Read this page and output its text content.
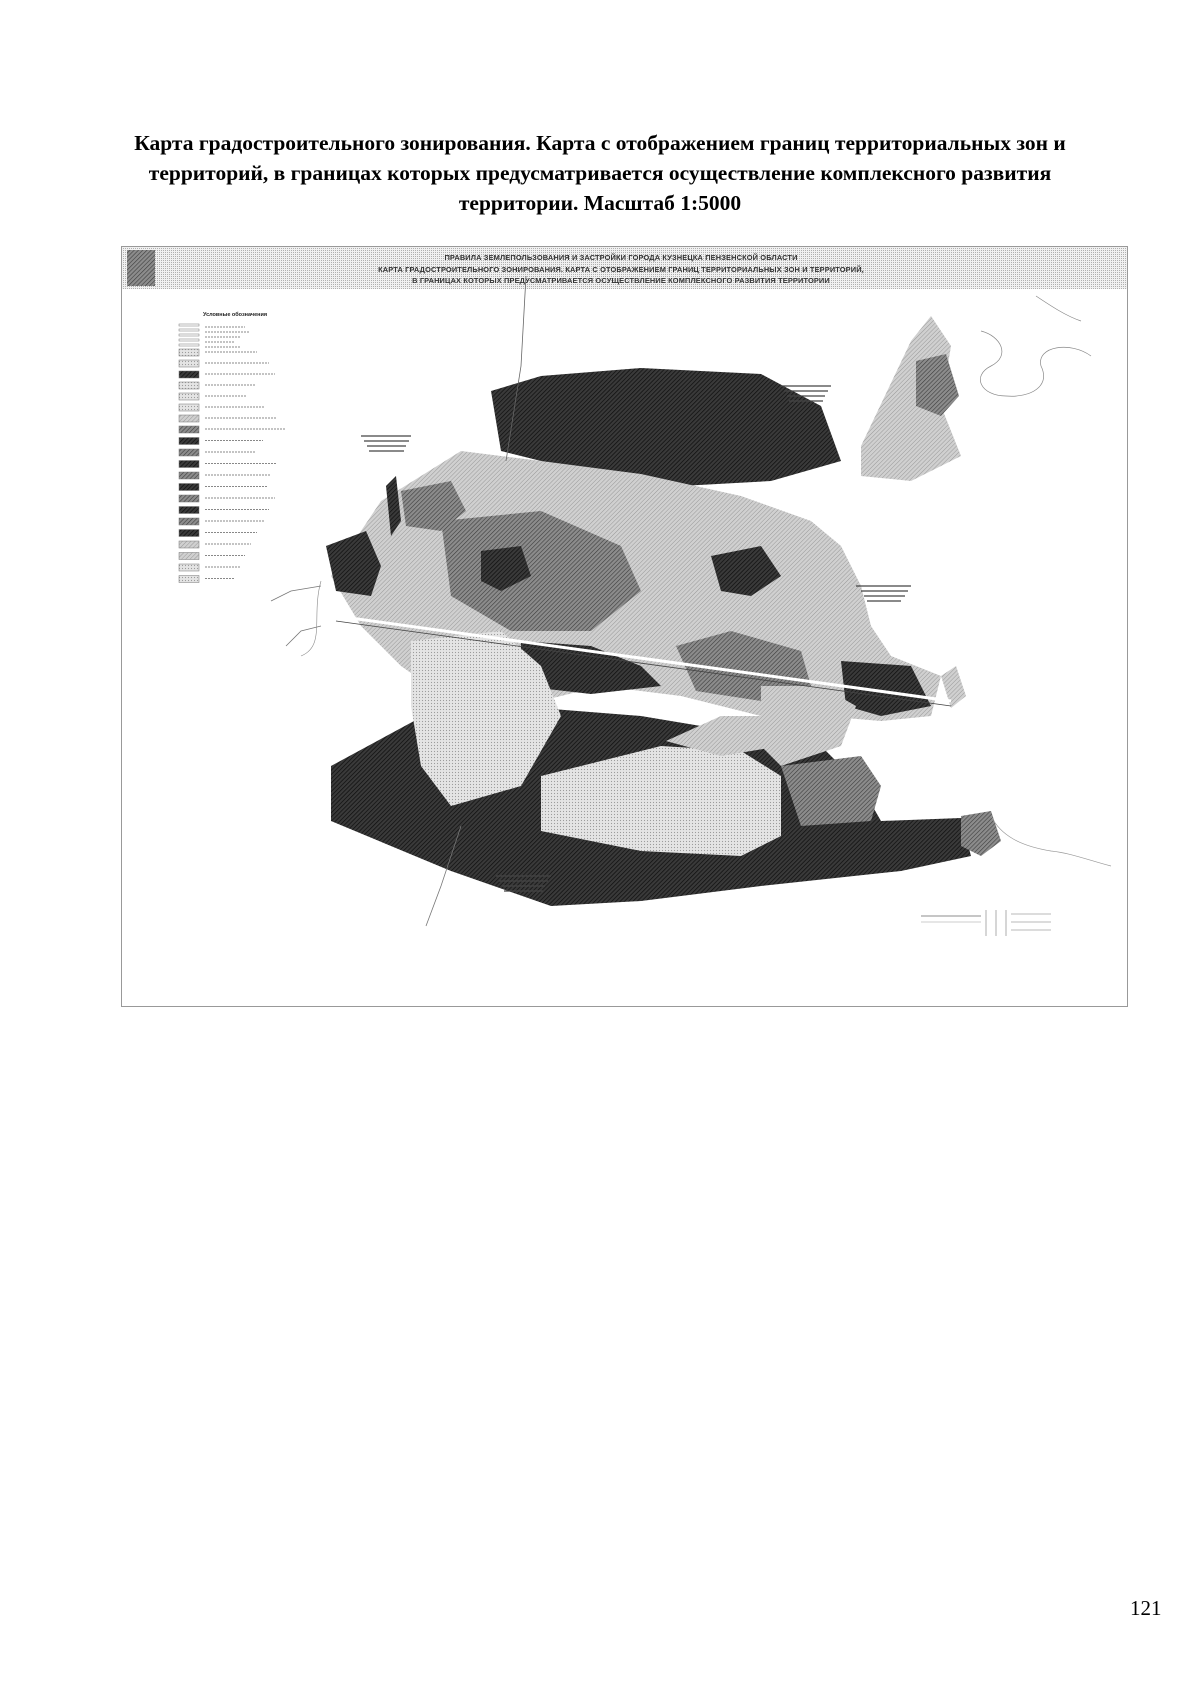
Карта градостроительного зонирования. Карта с отображением границ территориальных зон и территорий, в границах которых предусматривается осуществление комплексного развития территории. Масштаб 1:5000
ПРАВИЛА ЗЕМЛЕПОЛЬЗОВАНИЯ И ЗАСТРОЙКИ ГОРОДА КУЗНЕЦКА ПЕНЗЕНСКОЙ ОБЛАСТИ
КАРТА ГРАДОСТРОИТЕЛЬНОГО ЗОНИРОВАНИЯ. КАРТА С ОТОБРАЖЕНИЕМ ГРАНИЦ ТЕРРИТОРИАЛЬНЫХ ЗОН И ТЕРРИТОРИЙ,
В ГРАНИЦАХ КОТОРЫХ ПРЕДУСМАТРИВАЕТСЯ ОСУЩЕСТВЛЕНИЕ КОМПЛЕКСНОГО РАЗВИТИЯ ТЕРРИТОРИИ
Условные обозначения
121
